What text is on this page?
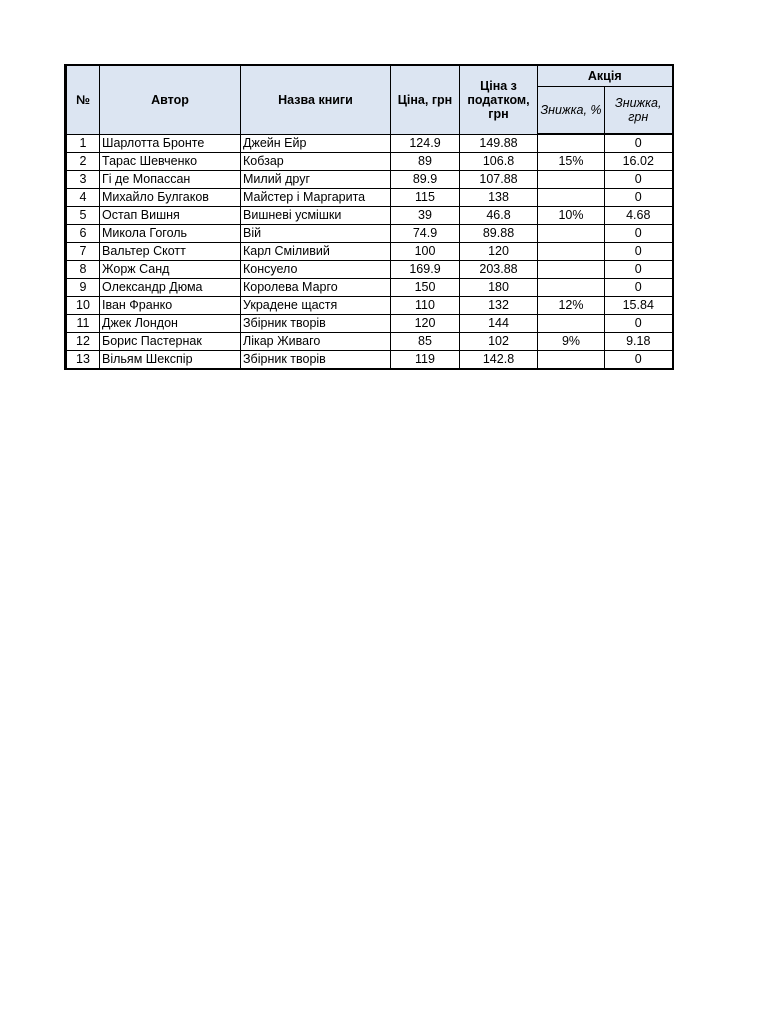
№	Автор	Назва книги	Ціна, грн	Ціна з податком, грн	Акція	
					Знижка, %	Знижка, грн
1	Шарлотта Бронте	Джейн Ейр	124.9	149.88		0
2	Тарас Шевченко	Кобзар	89	106.8	15%	16.02
3	Гі де Мопассан	Милий друг	89.9	107.88		0
4	Михайло Булгаков	Майстер і Маргарита	115	138		0
5	Остап Вишня	Вишневі усмішки	39	46.8	10%	4.68
6	Микола Гоголь	Вій	74.9	89.88		0
7	Вальтер Скотт	Карл Сміливий	100	120		0
8	Жорж Санд	Консуело	169.9	203.88		0
9	Олександр Дюма	Королева Марго	150	180		0
10	Іван Франко	Украдене щастя	110	132	12%	15.84
11	Джек Лондон	Збірник творів	120	144		0
12	Борис Пастернак	Лікар Живаго	85	102	9%	9.18
13	Вільям Шекспір	Збірник творів	119	142.8		0
